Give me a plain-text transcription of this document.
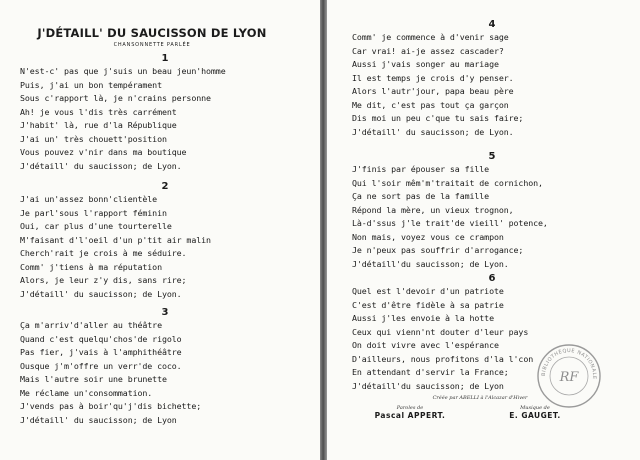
J'DÉTAILL' DU SAUCISSON DE LYON
CHANSONNETTE PARLÉE
1
N'est-c' pas que j'suis un beau jeun'homme
Puis, j'ai un bon tempérament
Sous c'rapport là, je n'crains personne
Ah! je vous l'dis très carrément
J'habit' là, rue d'la République
J'ai un' très chouett'position
Vous pouvez v'nir dans ma boutique
J'détaill' du saucisson; de Lyon.
2
J'ai un'assez bonn'clientèle
Je parl'sous l'rapport féminin
Oui, car plus d'une tourterelle
M'faisant d'l'oeil d'un p'tit air malin
Cherch'rait je crois à me séduire.
Comm' j'tiens à ma réputation
Alors, je leur z'y dis, sans rire;
J'détaill' du saucisson; de Lyon.
3
Ça m'arriv'd'aller au théâtre
Quand c'est quelqu'chos'de rigolo
Pas fier, j'vais à l'amphithéâtre
Ousque j'm'offre un verr'de coco.
Mais l'autre soir une brunette
Me réclame un'consommation.
J'vends pas à boir'qu'j'dis bichette;
J'détaill' du saucisson; de Lyon
4
Comm' je commence à d'venir sage
Car vrai! ai-je assez cascader?
Aussi j'vais songer au mariage
Il est temps je crois d'y penser.
Alors l'autr'jour, papa beau père
Me dit, c'est pas tout ça garçon
Dis moi un peu c'que tu sais faire;
J'détaill' du saucisson; de Lyon.
5
J'finis par épouser sa fille
Qui l'soir mêm'm'traitait de cornichon,
Ça ne sort pas de la famille
Répond la mère, un vieux trognon,
Là-d'ssus j'le trait'de vieill' potence,
Non mais, voyez vous ce crampon
Je n'peux pas souffrir d'arrogance;
J'détaill'du saucisson; de Lyon.
6
Quel est l'devoir d'un patriote
C'est d'être fidèle à sa patrie
Aussi j'les envoie à la hotte
Ceux qui vienn'nt douter d'leur pays
On doit vivre avec l'espérance
D'ailleurs, nous profitons d'la l'con
En attendant d'servir la France;
J'détaill'du saucisson; de Lyon
Créée par ABELLI à l'Alcazar d'Hiver
Paroles de
Pascal APPERT.
Musique de
E. GAUGET.
BIBLIOTHÈQUE NATIONALE
RF
